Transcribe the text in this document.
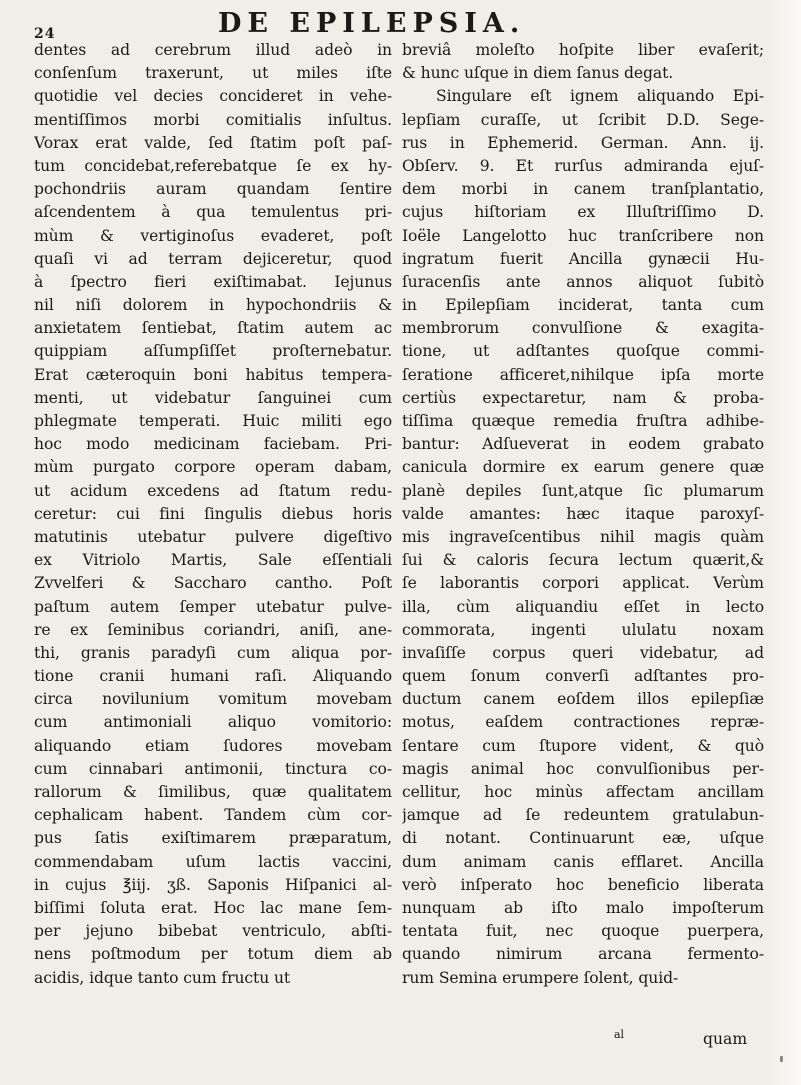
24	DE EPILEPSIA.
dentes ad cerebrum illud adeò in
conſenſum traxerunt, ut miles iſte
quotidie vel decies concideret in vehe-
mentiſſimos morbi comitialis inſultus.
Vorax erat valde, ſed ſtatim poſt paſ-
tum concidebat,referebatque ſe ex hy-
pochondriis auram quandam ſentire
aſcendentem à qua temulentus pri-
mùm & vertiginoſus evaderet, poſt
quaſi vi ad terram dejiceretur, quod
à ſpectro fieri exiſtimabat. Iejunus
nil niſi dolorem in hypochondriis &
anxietatem ſentiebat, ſtatim autem ac
quippiam aſſumpſiſſet proſternebatur.
Erat cæteroquin boni habitus tempera-
menti, ut videbatur ſanguinei cum
phlegmate temperati. Huic militi ego
hoc modo medicinam faciebam. Pri-
mùm purgato corpore operam dabam,
ut acidum excedens ad ſtatum redu-
ceretur: cui fini ſingulis diebus horis
matutinis utebatur pulvere digeſtivo
ex Vitriolo Martis, Sale eſſentiali
Zvvelferi & Saccharo cantho. Poſt
paſtum autem ſemper utebatur pulve-
re ex ſeminibus coriandri, aniſi, ane-
thi, granis paradyſi cum aliqua por-
tione cranii humani raſi. Aliquando
circa novilunium vomitum movebam
cum antimoniali aliquo vomitorio:
aliquando etiam ſudores movebam
cum cinnabari antimonii, tinctura co-
rallorum & ſimilibus, quæ qualitatem
cephalicam habent. Tandem cùm cor-
pus ſatis exiſtimarem præparatum,
commendabam uſum lactis vaccini,
in cujus ℥iij. ʒß. Saponis Hiſpanici al-
biſſimi ſoluta erat. Hoc lac mane ſem-
per jejuno bibebat ventriculo, abſti-
nens poſtmodum per totum diem ab
acidis, idque tanto cum fructu ut
breviâ moleſto hoſpite liber evaſerit;
& hunc uſque in diem ſanus degat.
Singulare eſt ignem aliquando Epi-
lepſiam curaſſe, ut ſcribit D.D. Sege-
rus in Ephemerid. German. Ann. ij.
Obſerv. 9. Et rurſus admiranda ejuſ-
dem morbi in canem tranſplantatio,
cujus hiſtoriam ex Illuſtriſſimo D.
Ioële Langelotto huc tranſcribere non
ingratum fuerit Ancilla gynæcii Hu-
ſuracenſis ante annos aliquot ſubitò
in Epilepſiam inciderat, tanta cum
membrorum convulſione & exagita-
tione, ut adſtantes quoſque commi-
ſeratione afficeret,nihilque ipſa morte
certiùs expectaretur, nam & proba-
tiſſima quæque remedia fruſtra adhibe-
bantur: Adſueverat in eodem grabato
canicula dormire ex earum genere quæ
planè depiles ſunt,atque ſic plumarum
valde amantes: hæc itaque paroxyſ-
mis ingraveſcentibus nihil magis quàm
ſui & caloris ſecura lectum quærit,&
ſe laborantis corpori applicat. Verùm
illa, cùm aliquandiu eſſet in lecto
commorata, ingenti ululatu noxam
invaſiſſe corpus queri videbatur, ad
quem ſonum converſi adſtantes pro-
ductum canem eoſdem illos epilepſiæ
motus, eaſdem contractiones repræ-
ſentare cum ſtupore vident, & quò
magis animal hoc convulſionibus per-
cellitur, hoc minùs affectam ancillam
jamque ad ſe redeuntem gratulabun-
di notant. Continuarunt eæ, uſque
dum animam canis efflaret. Ancilla
verò inſperato hoc beneficio liberata
nunquam ab iſto malo impoſterum
tentata fuit, nec quoque puerpera,
quando nimirum arcana fermento-
rum Semina erumpere ſolent, quid-
al	quam
